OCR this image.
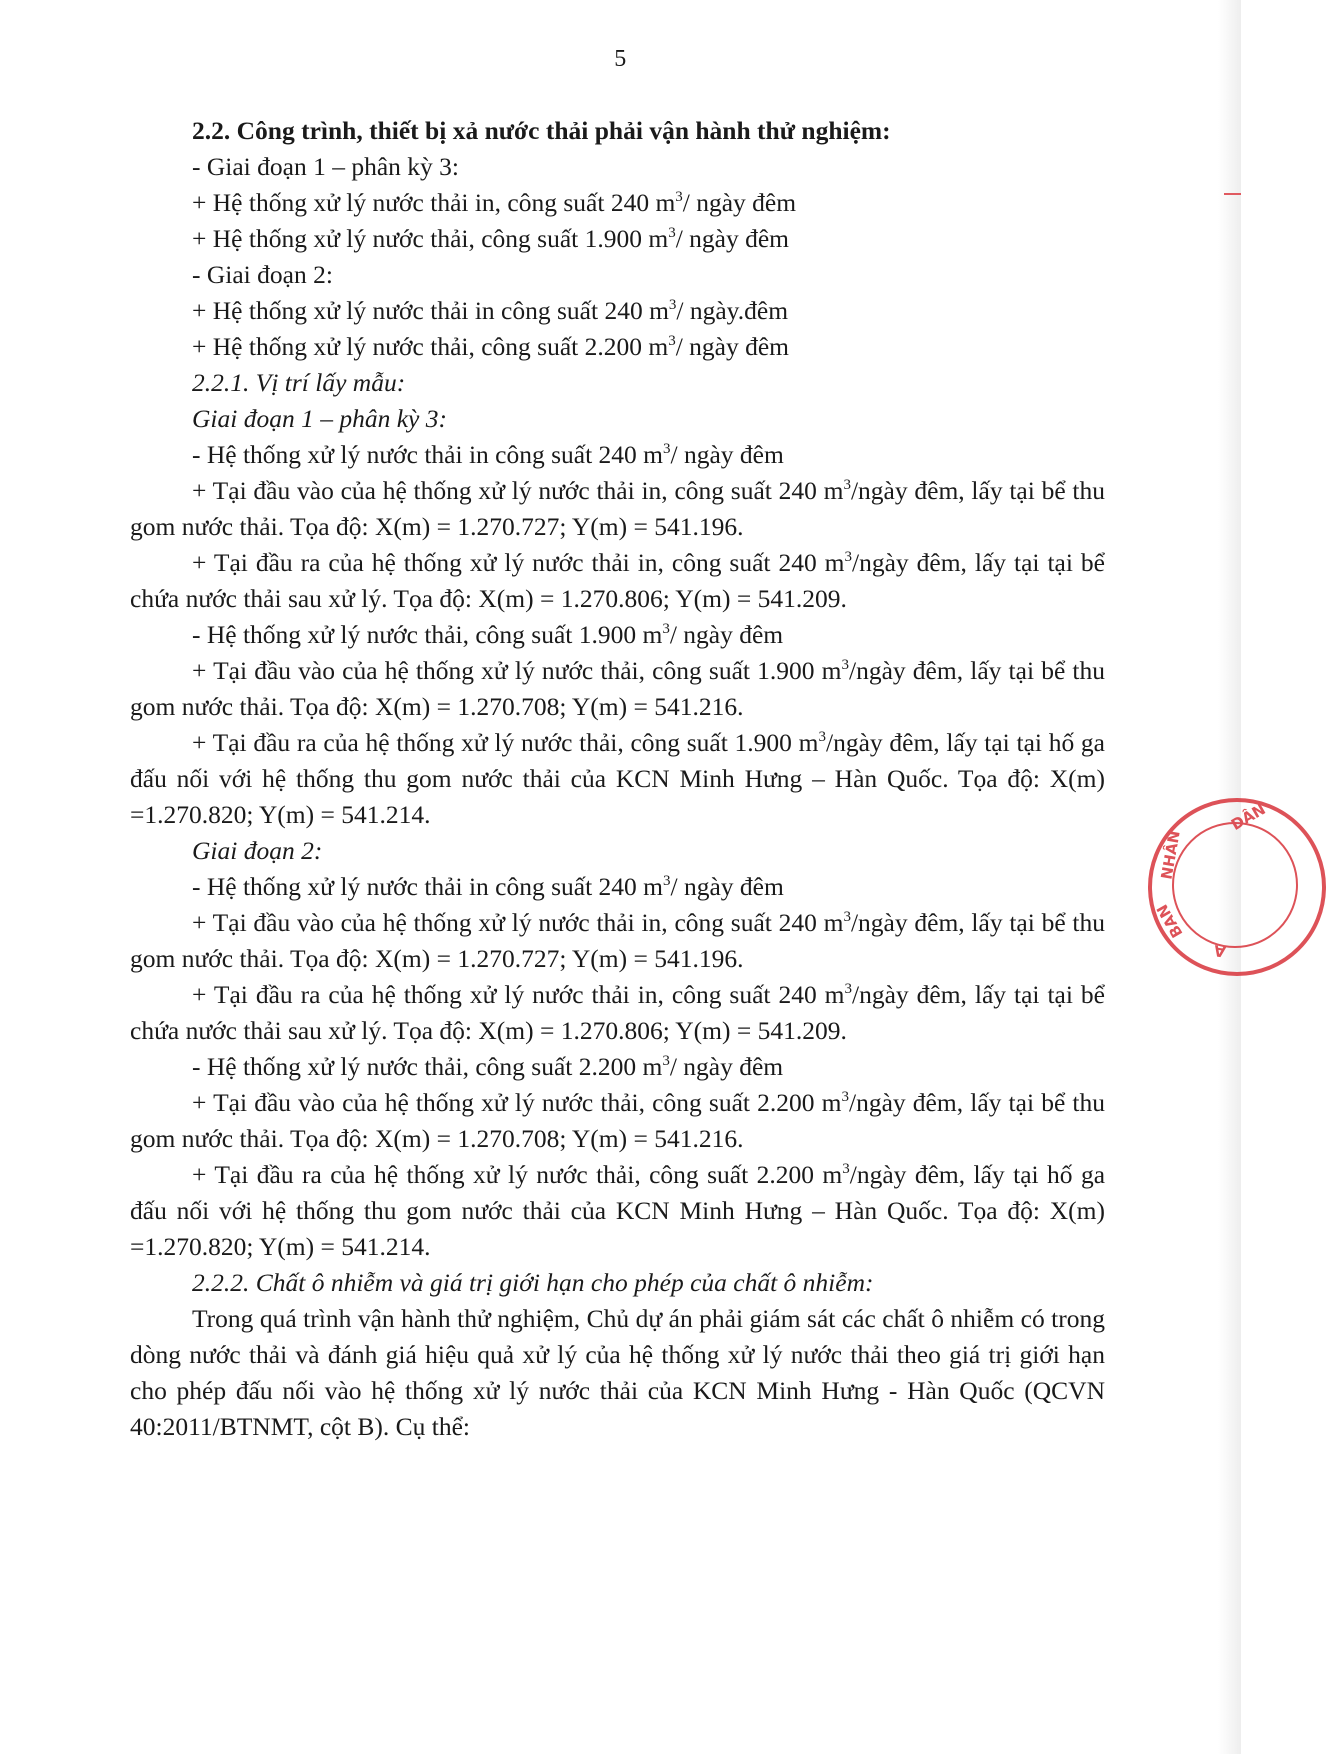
5
2.2. Công trình, thiết bị xả nước thải phải vận hành thử nghiệm:
- Giai đoạn 1 – phân kỳ 3:
+ Hệ thống xử lý nước thải in, công suất 240 $m^3/$ ngày đêm
+ Hệ thống xử lý nước thải, công suất 1.900 $m^3/$ ngày đêm
- Giai đoạn 2:
+ Hệ thống xử lý nước thải in công suất 240 $m^3/$ ngày.đêm
+ Hệ thống xử lý nước thải, công suất 2.200 $m^3/$ ngày đêm
2.2.1. Vị trí lấy mẫu:
Giai đoạn 1 – phân kỳ 3:
- Hệ thống xử lý nước thải in công suất 240 $m^3/$ ngày đêm
+ Tại đầu vào của hệ thống xử lý nước thải in, công suất 240 $m^3$/ngày đêm, lấy tại bể thu gom nước thải. Tọa độ: X(m) = 1.270.727; Y(m) = 541.196.
+ Tại đầu ra của hệ thống xử lý nước thải in, công suất 240 $m^3$/ngày đêm, lấy tại tại bể chứa nước thải sau xử lý. Tọa độ: X(m) = 1.270.806; Y(m) = 541.209.
- Hệ thống xử lý nước thải, công suất 1.900 $m^3/$ ngày đêm
+ Tại đầu vào của hệ thống xử lý nước thải, công suất 1.900 $m^3$/ngày đêm, lấy tại bể thu gom nước thải. Tọa độ: X(m) = 1.270.708; Y(m) = 541.216.
+ Tại đầu ra của hệ thống xử lý nước thải, công suất 1.900 $m^3$/ngày đêm, lấy tại tại hố ga đấu nối với hệ thống thu gom nước thải của KCN Minh Hưng – Hàn Quốc. Tọa độ: X(m) =1.270.820; Y(m) = 541.214.
Giai đoạn 2:
- Hệ thống xử lý nước thải in công suất 240 $m^3/$ ngày đêm
+ Tại đầu vào của hệ thống xử lý nước thải in, công suất 240 $m^3$/ngày đêm, lấy tại bể thu gom nước thải. Tọa độ: X(m) = 1.270.727; Y(m) = 541.196.
+ Tại đầu ra của hệ thống xử lý nước thải in, công suất 240 $m^3$/ngày đêm, lấy tại tại bể chứa nước thải sau xử lý. Tọa độ: X(m) = 1.270.806; Y(m) = 541.209.
- Hệ thống xử lý nước thải, công suất 2.200 $m^3/$ ngày đêm
+ Tại đầu vào của hệ thống xử lý nước thải, công suất 2.200 $m^3$/ngày đêm, lấy tại bể thu gom nước thải. Tọa độ: X(m) = 1.270.708; Y(m) = 541.216.
+ Tại đầu ra của hệ thống xử lý nước thải, công suất 2.200 $m^3$/ngày đêm, lấy tại hố ga đấu nối với hệ thống thu gom nước thải của KCN Minh Hưng – Hàn Quốc. Tọa độ: X(m) =1.270.820; Y(m) = 541.214.
2.2.2. Chất ô nhiễm và giá trị giới hạn cho phép của chất ô nhiễm:
Trong quá trình vận hành thử nghiệm, Chủ dự án phải giám sát các chất ô nhiễm có trong dòng nước thải và đánh giá hiệu quả xử lý của hệ thống xử lý nước thải theo giá trị giới hạn cho phép đấu nối vào hệ thống xử lý nước thải của KCN Minh Hưng - Hàn Quốc (QCVN 40:2011/BTNMT, cột B). Cụ thể:
DÂN
NHÂN
BAN
A
